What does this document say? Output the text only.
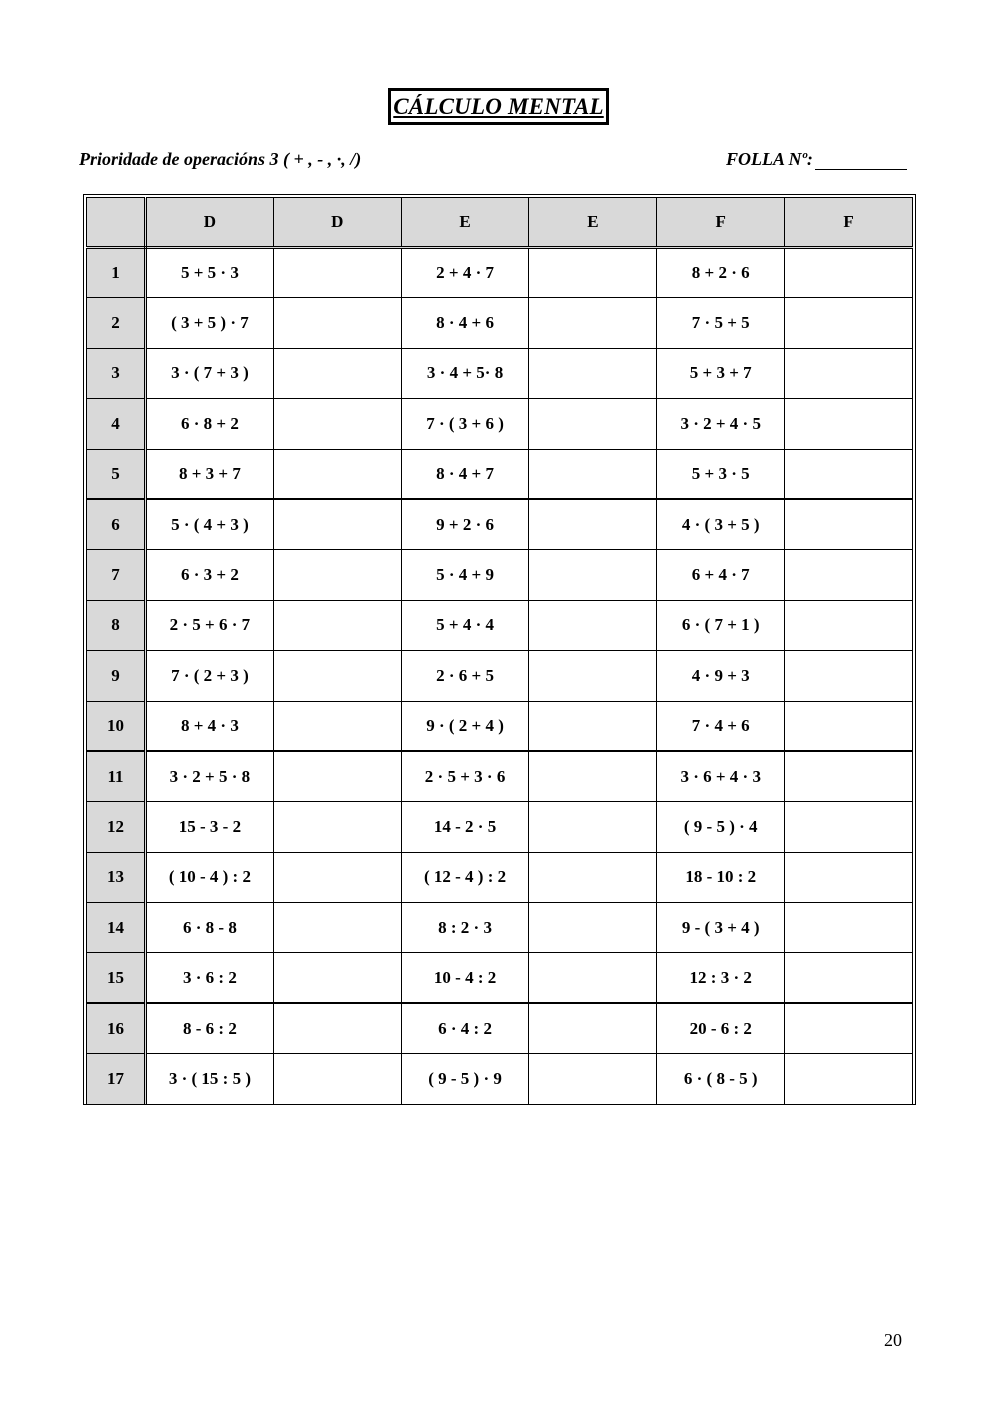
CÁLCULO MENTAL
Prioridade de operacións 3 ( + , - , ·, /)	FOLLA Nº:
	D	D	E	E	F	F
1	5 + 5 · 3		2 + 4 · 7		8 + 2 · 6	
2	( 3 + 5 ) · 7		8 · 4 + 6		7 · 5 + 5	
3	3 · ( 7 + 3 )		3 · 4 + 5· 8		5 + 3 + 7	
4	6 · 8 + 2		7 · ( 3 + 6 )		3 · 2 + 4 · 5	
5	8 + 3 + 7		8 · 4 + 7		5 + 3 · 5	
6	5 · ( 4 + 3 )		9 + 2 · 6		4 · ( 3 + 5 )	
7	6 · 3 + 2		5 · 4 + 9		6 + 4 · 7	
8	2 · 5 + 6 · 7		5 + 4 · 4		6 · ( 7 + 1 )	
9	7 · ( 2 + 3 )		2 · 6 + 5		4 · 9 + 3	
10	8 + 4 · 3		9 · ( 2 + 4 )		7 · 4 + 6	
11	3 · 2 + 5 · 8		2 · 5 + 3 · 6		3 · 6 + 4 · 3	
12	15 - 3 - 2		14 - 2 · 5		( 9 - 5 ) · 4	
13	( 10 - 4 ) : 2		( 12 - 4 ) : 2		18 - 10 : 2	
14	6 · 8 - 8		8 : 2 · 3		9 - ( 3 + 4 )	
15	3 · 6 : 2		10 - 4 : 2		12 : 3 · 2	
16	8 - 6 : 2		6 · 4 : 2		20 - 6 : 2	
17	3 · ( 15 : 5 )		( 9 - 5 ) · 9		6 · ( 8 - 5 )	
20
